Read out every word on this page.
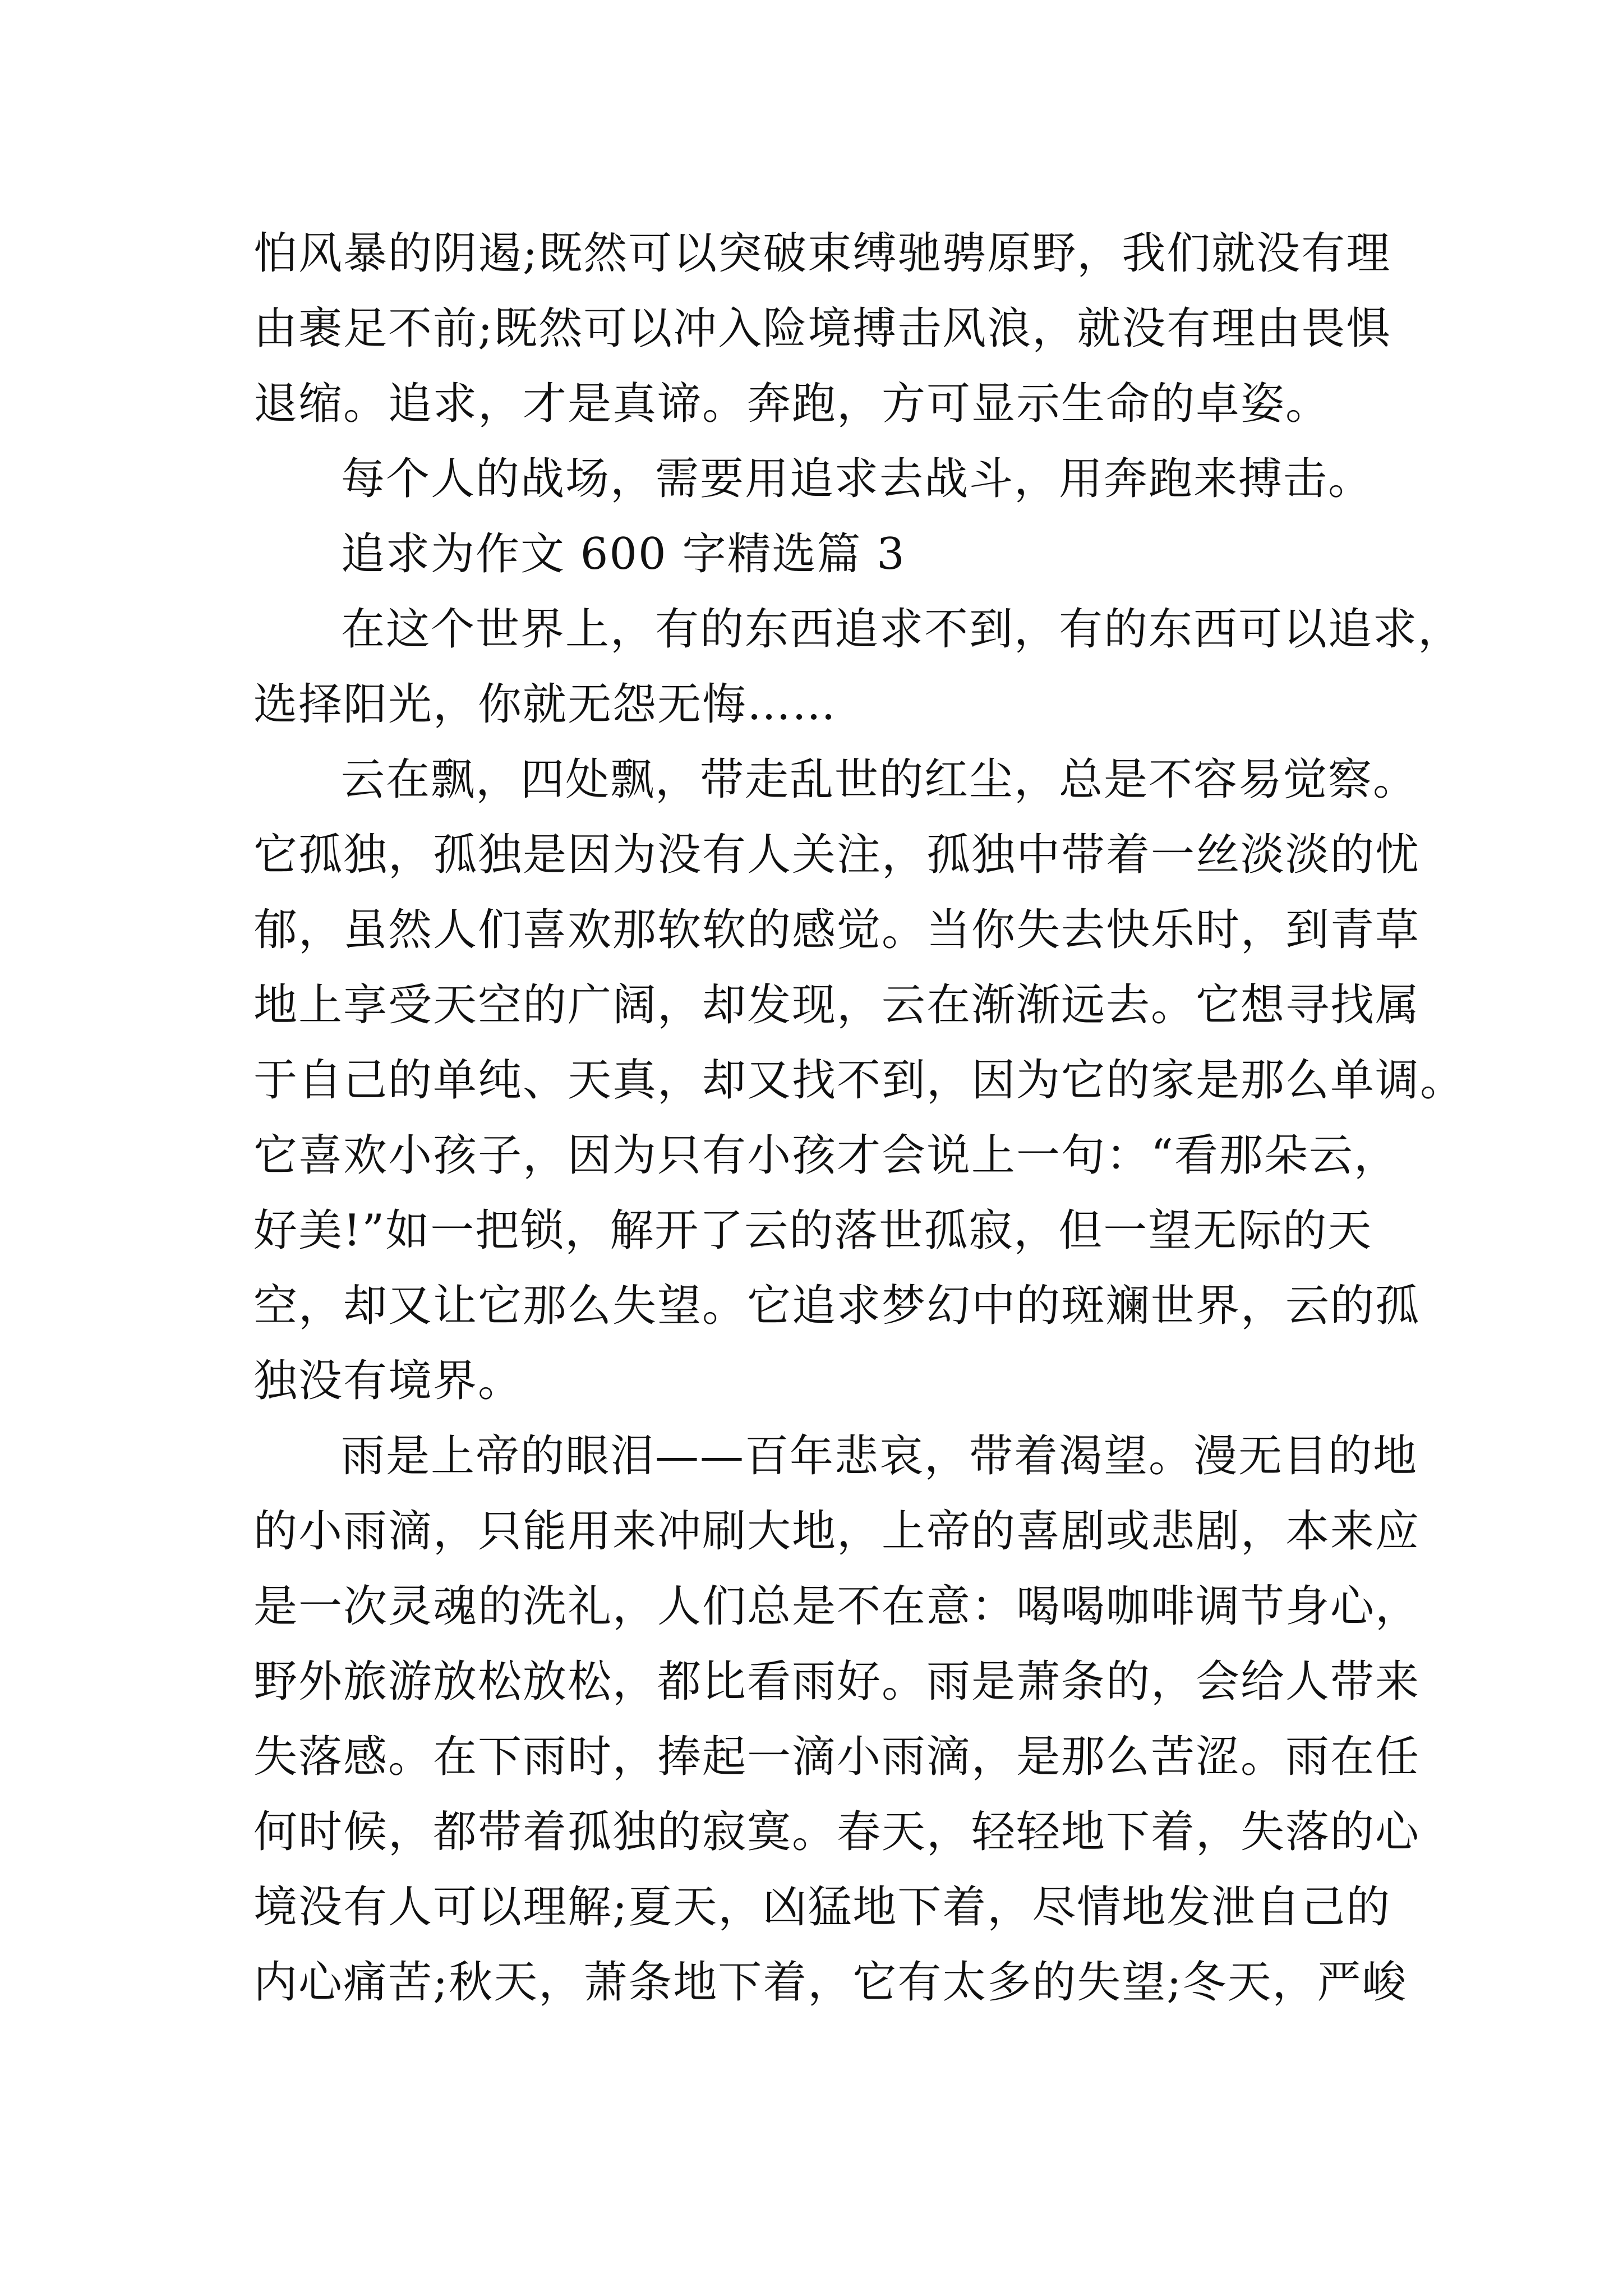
怕风暴的阴遏;既然可以突破束缚驰骋原野，我们就没有理
由裹足不前;既然可以冲入险境搏击风浪，就没有理由畏惧
退缩。追求，才是真谛。奔跑，方可显示生命的卓姿。
每个人的战场，需要用追求去战斗，用奔跑来搏击。
追求为作文 600 字精选篇 3
在这个世界上，有的东西追求不到，有的东西可以追求，
选择阳光，你就无怨无悔……
云在飘，四处飘，带走乱世的红尘，总是不容易觉察。
它孤独，孤独是因为没有人关注，孤独中带着一丝淡淡的忧
郁，虽然人们喜欢那软软的感觉。当你失去快乐时，到青草
地上享受天空的广阔，却发现，云在渐渐远去。它想寻找属
于自己的单纯、天真，却又找不到，因为它的家是那么单调。
它喜欢小孩子，因为只有小孩才会说上一句：“看那朵云，
好美!”如一把锁，解开了云的落世孤寂，但一望无际的天
空，却又让它那么失望。它追求梦幻中的斑斓世界，云的孤
独没有境界。
雨是上帝的眼泪——百年悲哀，带着渴望。漫无目的地
的小雨滴，只能用来冲刷大地，上帝的喜剧或悲剧，本来应
是一次灵魂的洗礼，人们总是不在意：喝喝咖啡调节身心，
野外旅游放松放松，都比看雨好。雨是萧条的，会给人带来
失落感。在下雨时，捧起一滴小雨滴，是那么苦涩。雨在任
何时候，都带着孤独的寂寞。春天，轻轻地下着，失落的心
境没有人可以理解;夏天，凶猛地下着，尽情地发泄自己的
内心痛苦;秋天，萧条地下着，它有太多的失望;冬天，严峻
